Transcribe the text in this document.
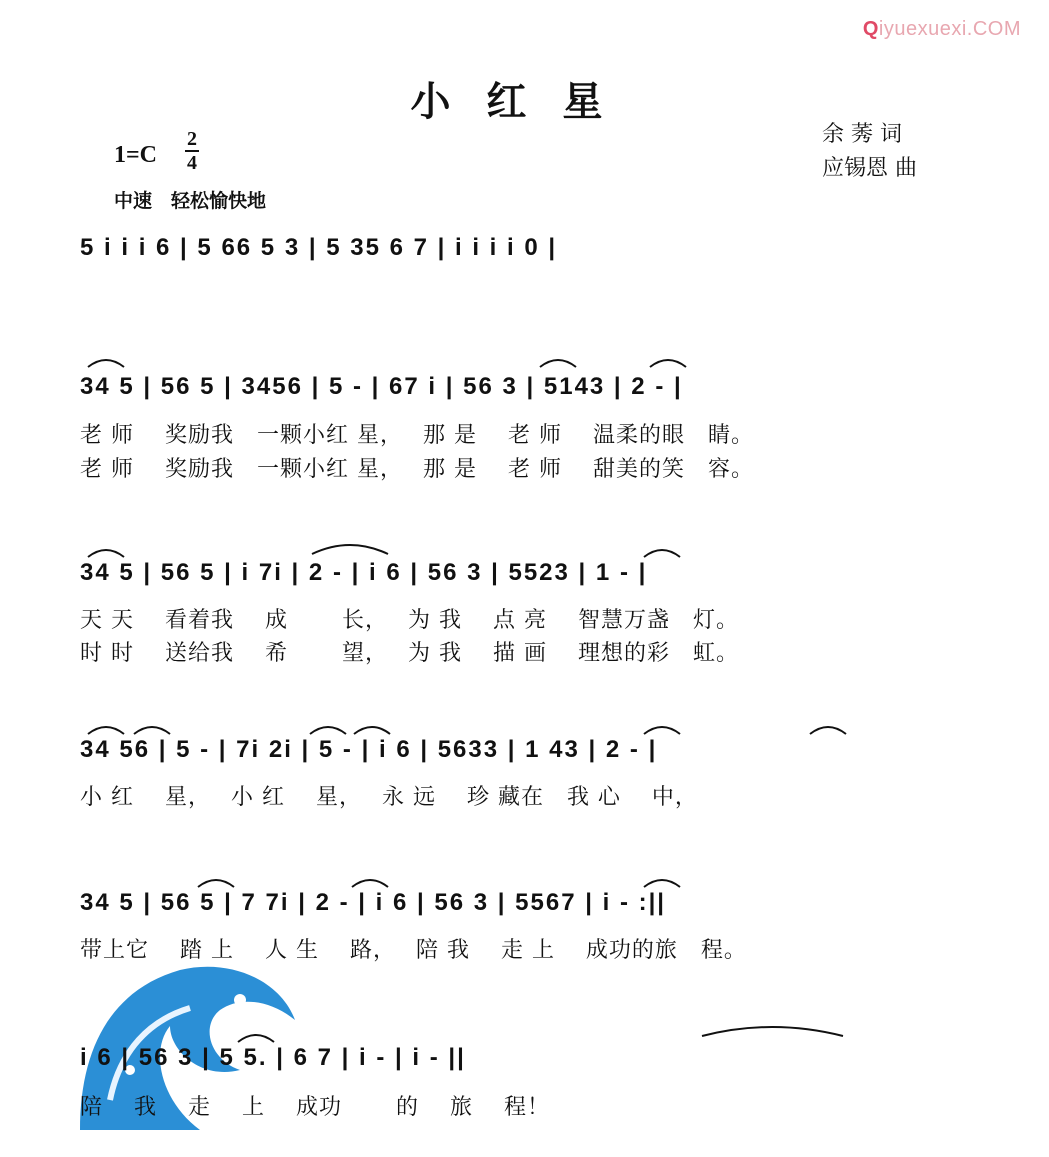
Qiyuexuexi.COM
小红星
余 莠 词
应锡恩 曲
1=C
2
4
中速　轻松愉快地
5 i i i 6 | 5 66 5 3 | 5 35 6 7 | i i i i 0 |
34 5 | 56 5 | 3456 | 5 - | 67 i | 56 3 | 5143 | 2 - |
老 师　 奖励我　一颗小红 星，　 那 是　 老 师　 温柔的眼　睛。
老 师　 奖励我　一颗小红 星，　 那 是　 老 师　 甜美的笑　容。
34 5 | 56 5 | i 7i | 2 - | i 6 | 56 3 | 5523 | 1 - |
天 天　 看着我　 成　　 长，　 为 我　 点 亮　 智慧万盏　灯。
时 时　 送给我　 希　　 望，　 为 我　 描 画　 理想的彩　虹。
34 56 | 5 - | 7i 2i | 5 - | i 6 | 5633 | 1 43 | 2 - |
小 红　 星，　 小 红　 星，　 永 远　 珍 藏在　我 心　 中，
34 5 | 56 5 | 7 7i | 2 - | i 6 | 56 3 | 5567 | i - :||
带上它　 踏 上　 人 生　 路，　 陪 我　 走 上　 成功的旅　程。
i 6 | 56 3 | 5 5. | 6 7 | i - | i - ||
陪　 我　 走　 上　 成功　　 的　 旅　 程！
